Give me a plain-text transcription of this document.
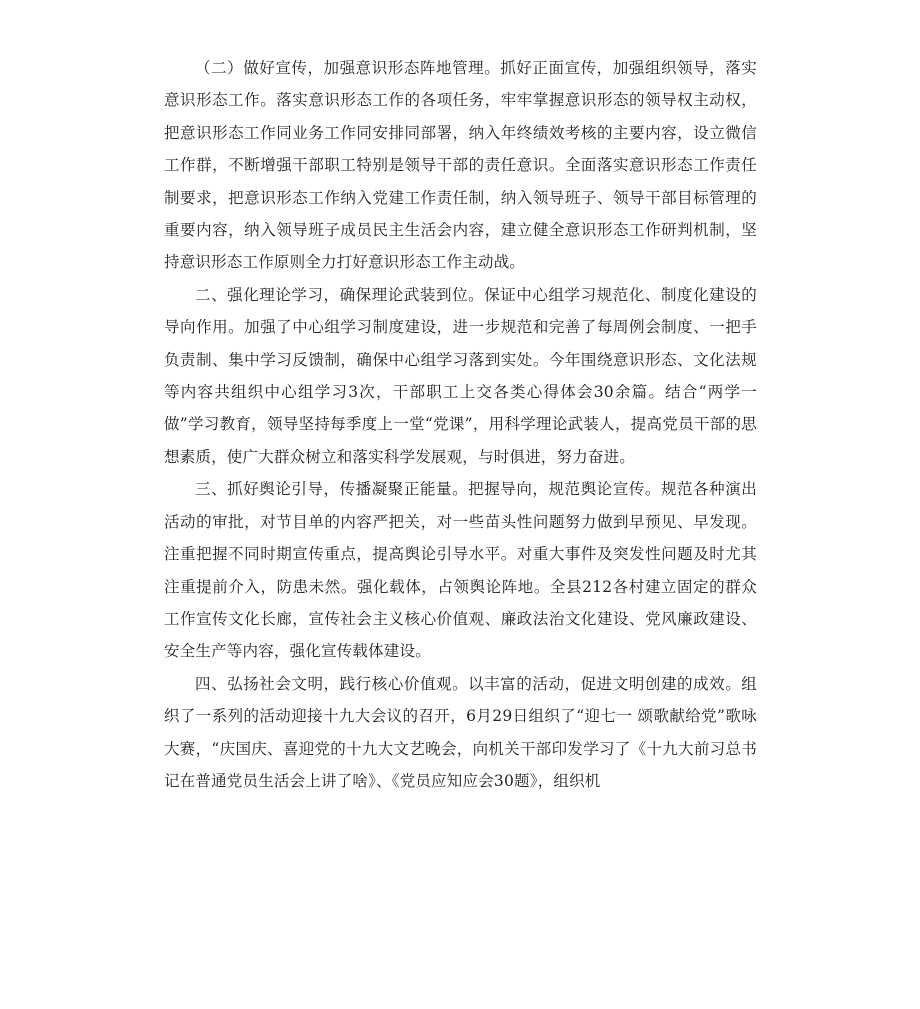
（二）做好宣传，加强意识形态阵地管理。抓好正面宣传，加强组织领导，落实意识形态工作。落实意识形态工作的各项任务，牢牢掌握意识形态的领导权主动权，把意识形态工作同业务工作同安排同部署，纳入年终绩效考核的主要内容，设立微信工作群，不断增强干部职工特别是领导干部的责任意识。全面落实意识形态工作责任制要求，把意识形态工作纳入党建工作责任制，纳入领导班子、领导干部目标管理的重要内容，纳入领导班子成员民主生活会内容，建立健全意识形态工作研判机制，坚持意识形态工作原则全力打好意识形态工作主动战。

二、强化理论学习，确保理论武装到位。保证中心组学习规范化、制度化建设的导向作用。加强了中心组学习制度建设，进一步规范和完善了每周例会制度、一把手负责制、集中学习反馈制，确保中心组学习落到实处。今年围绕意识形态、文化法规等内容共组织中心组学习3次，干部职工上交各类心得体会30余篇。结合“两学一做”学习教育，领导坚持每季度上一堂“党课”，用科学理论武装人，提高党员干部的思想素质，使广大群众树立和落实科学发展观，与时俱进，努力奋进。

三、抓好舆论引导，传播凝聚正能量。把握导向，规范舆论宣传。规范各种演出活动的审批，对节目单的内容严把关，对一些苗头性问题努力做到早预见、早发现。注重把握不同时期宣传重点，提高舆论引导水平。对重大事件及突发性问题及时尤其注重提前介入，防患未然。强化载体，占领舆论阵地。全县212各村建立固定的群众工作宣传文化长廊，宣传社会主义核心价值观、廉政法治文化建设、党风廉政建设、安全生产等内容，强化宣传载体建设。

四、弘扬社会文明，践行核心价值观。以丰富的活动，促进文明创建的成效。组织了一系列的活动迎接十九大会议的召开，6月29日组织了“迎七一 颂歌献给党”歌咏大赛，“庆国庆、喜迎党的十九大文艺晚会，向机关干部印发学习了《十九大前习总书记在普通党员生活会上讲了啥》、《党员应知应会30题》，组织机
